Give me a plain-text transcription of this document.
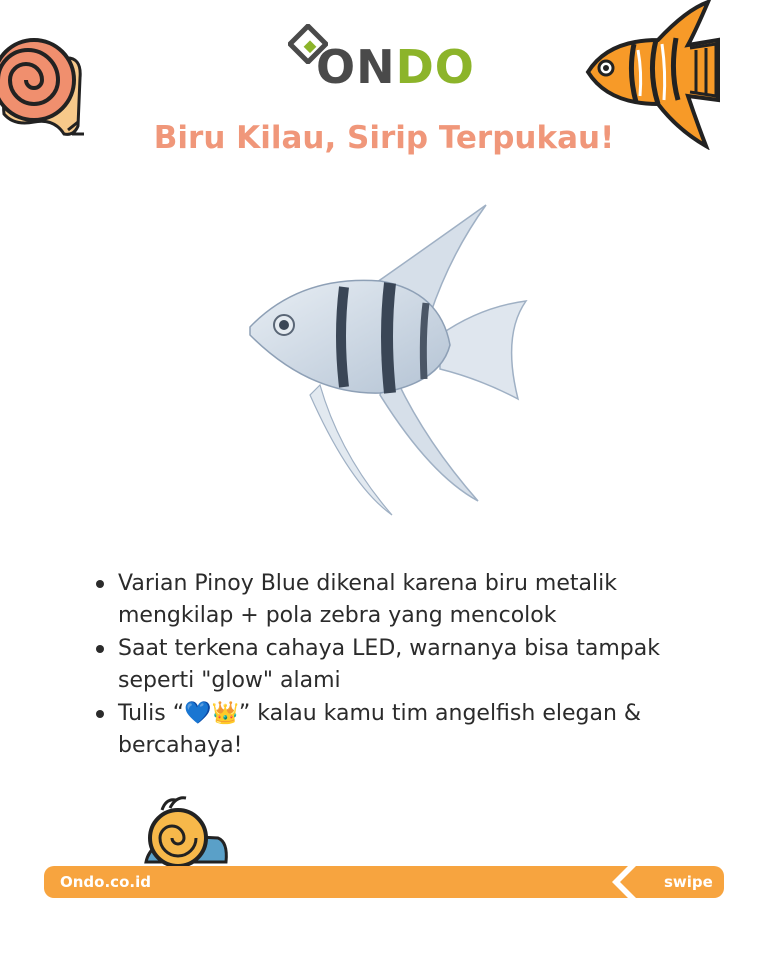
ONDO
Biru Kilau, Sirip Terpukau!
Varian Pinoy Blue dikenal karena biru metalik mengkilap + pola zebra yang mencolok
Saat terkena cahaya LED, warnanya bisa tampak seperti "glow" alami
Tulis “💙👑” kalau kamu tim angelfish elegan & bercahaya!
Ondo.co.id	swipe
